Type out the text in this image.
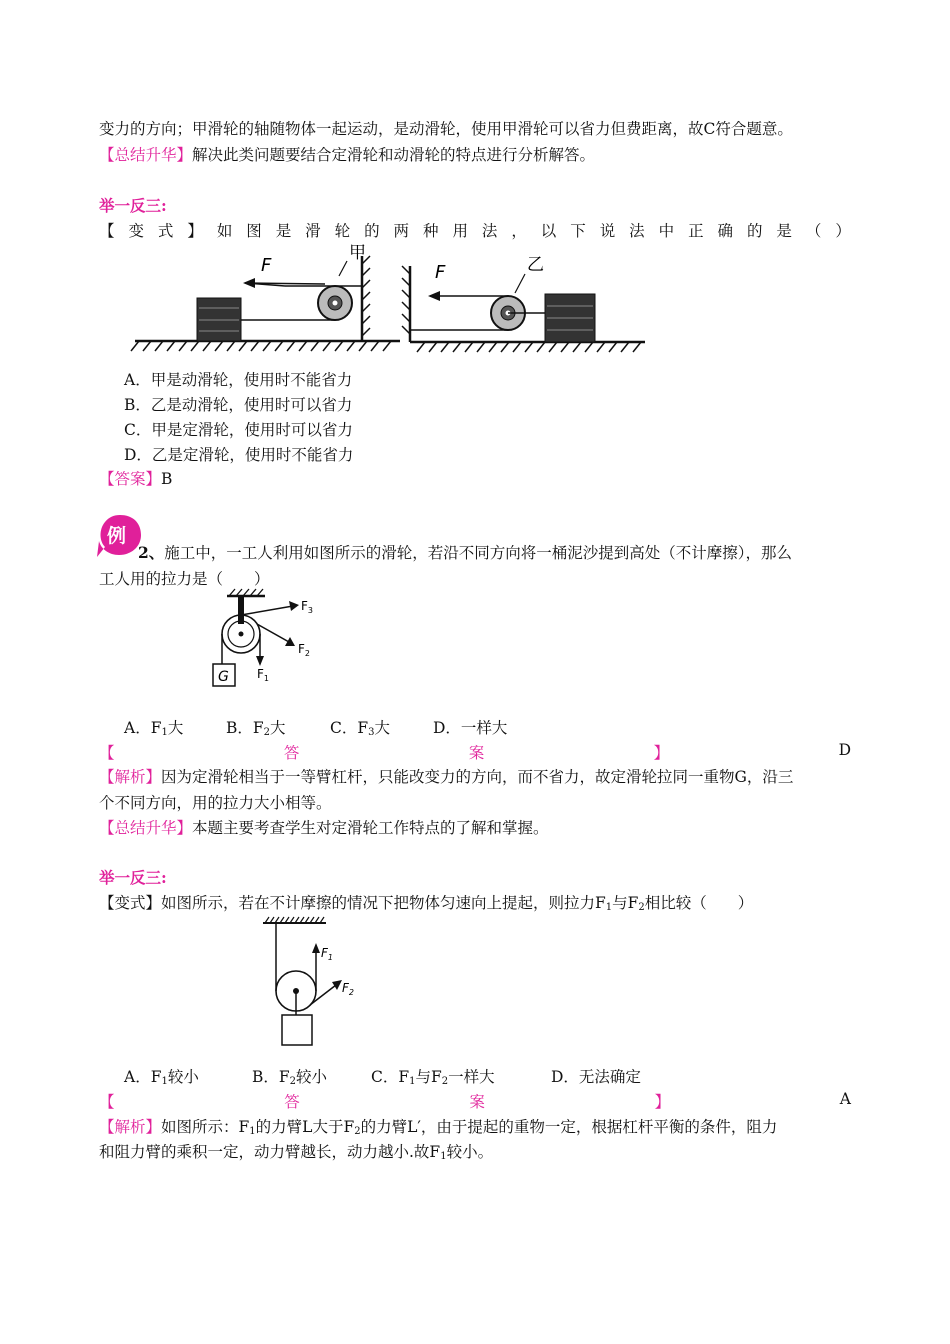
变力的方向；甲滑轮的轴随物体一起运动，是动滑轮，使用甲滑轮可以省力但费距离，故C符合题意。
【总结升华】解决此类问题要结合定滑轮和动滑轮的特点进行分析解答。
举一反三:
【 变 式 】 如 图 是 滑 轮 的 两 种 用 法 ， 以 下 说 法 中 正 确 的 是 （ ）
F
甲
F	乙
A．甲是动滑轮，使用时不能省力
B．乙是动滑轮，使用时可以省力
C．甲是定滑轮，使用时可以省力
D．乙是定滑轮，使用时不能省力
【答案】B
例
2、施工中，一工人利用如图所示的滑轮，若沿不同方向将一桶泥沙提到高处（不计摩擦），那么
工人用的拉力是（　　）
G
$F_3$
$F_2$
$F_1$
A．$F_1$大	B．$F_2$大	C．$F_3$大	D．一样大
【	答	案	】	D
【解析】因为定滑轮相当于一等臂杠杆，只能改变力的方向，而不省力，故定滑轮拉同一重物G，沿三
个不同方向，用的拉力大小相等。
【总结升华】本题主要考查学生对定滑轮工作特点的了解和掌握。
举一反三:
【变式】如图所示，若在不计摩擦的情况下把物体匀速向上提起，则拉力$F_1$与$F_2$相比较（　　）
$F_1$
$F_2$
A．$F_1$较小	B．$F_2$较小	C．$F_1$与$F_2$一样大	D．无法确定
【	答	案	】	A
【解析】如图所示：$F_1$的力臂L大于$F_2$的力臂L′，由于提起的重物一定，根据杠杆平衡的条件，阻力
和阻力臂的乘积一定，动力臂越长，动力越小.故$F_1$较小。
